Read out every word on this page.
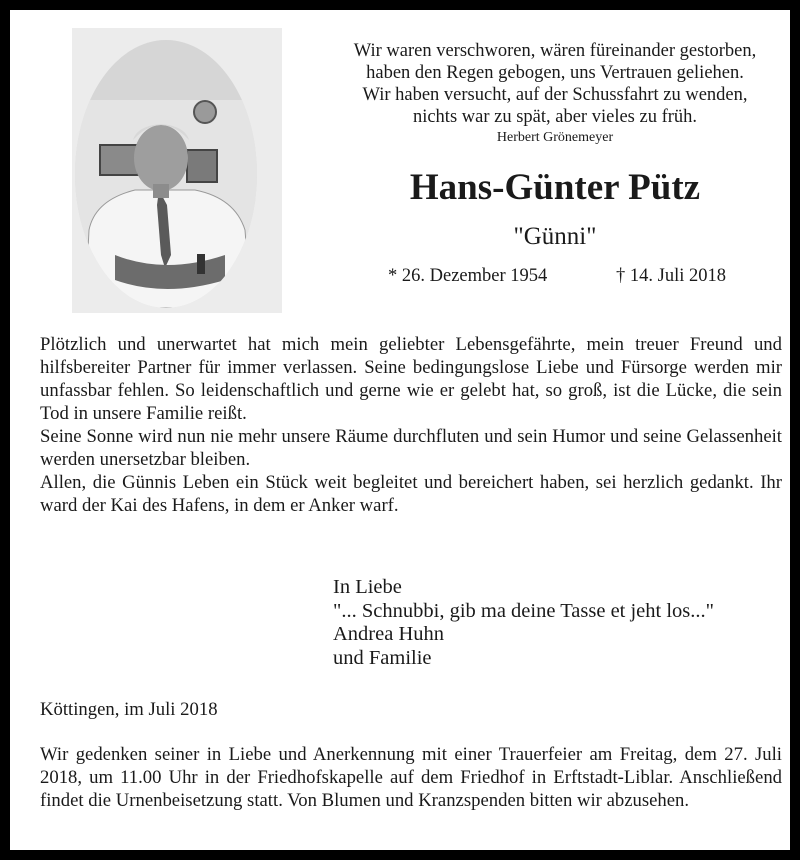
Wir waren verschworen, wären füreinander gestorben,
haben den Regen gebogen, uns Vertrauen geliehen.
Wir haben versucht, auf der Schussfahrt zu wenden,
nichts war zu spät, aber vieles zu früh.
Herbert Grönemeyer
Hans-Günter Pütz
"Günni"
* 26. Dezember 1954	† 14. Juli 2018

Plötzlich und unerwartet hat mich mein geliebter Lebensgefährte, mein treuer Freund und hilfsbereiter Partner für immer verlassen. Seine bedingungslose Liebe und Fürsorge werden mir unfassbar fehlen. So leidenschaftlich und gerne wie er gelebt hat, so groß, ist die Lücke, die sein Tod in unsere Familie reißt.

Seine Sonne wird nun nie mehr unsere Räume durchfluten und sein Humor und seine Gelassenheit werden unersetzbar bleiben.

Allen, die Günnis Leben ein Stück weit begleitet und bereichert haben, sei herzlich gedankt. Ihr ward der Kai des Hafens, in dem er Anker warf.

In Liebe
"... Schnubbi, gib ma deine Tasse et jeht los..."
Andrea Huhn
und Familie
Köttingen, im Juli 2018

Wir gedenken seiner in Liebe und Anerkennung mit einer Trauerfeier am Freitag, dem 27. Juli 2018, um 11.00 Uhr in der Friedhofskapelle auf dem Friedhof in Erftstadt-Liblar. Anschließend findet die Urnenbeisetzung statt. Von Blumen und Kranzspenden bitten wir abzusehen.
